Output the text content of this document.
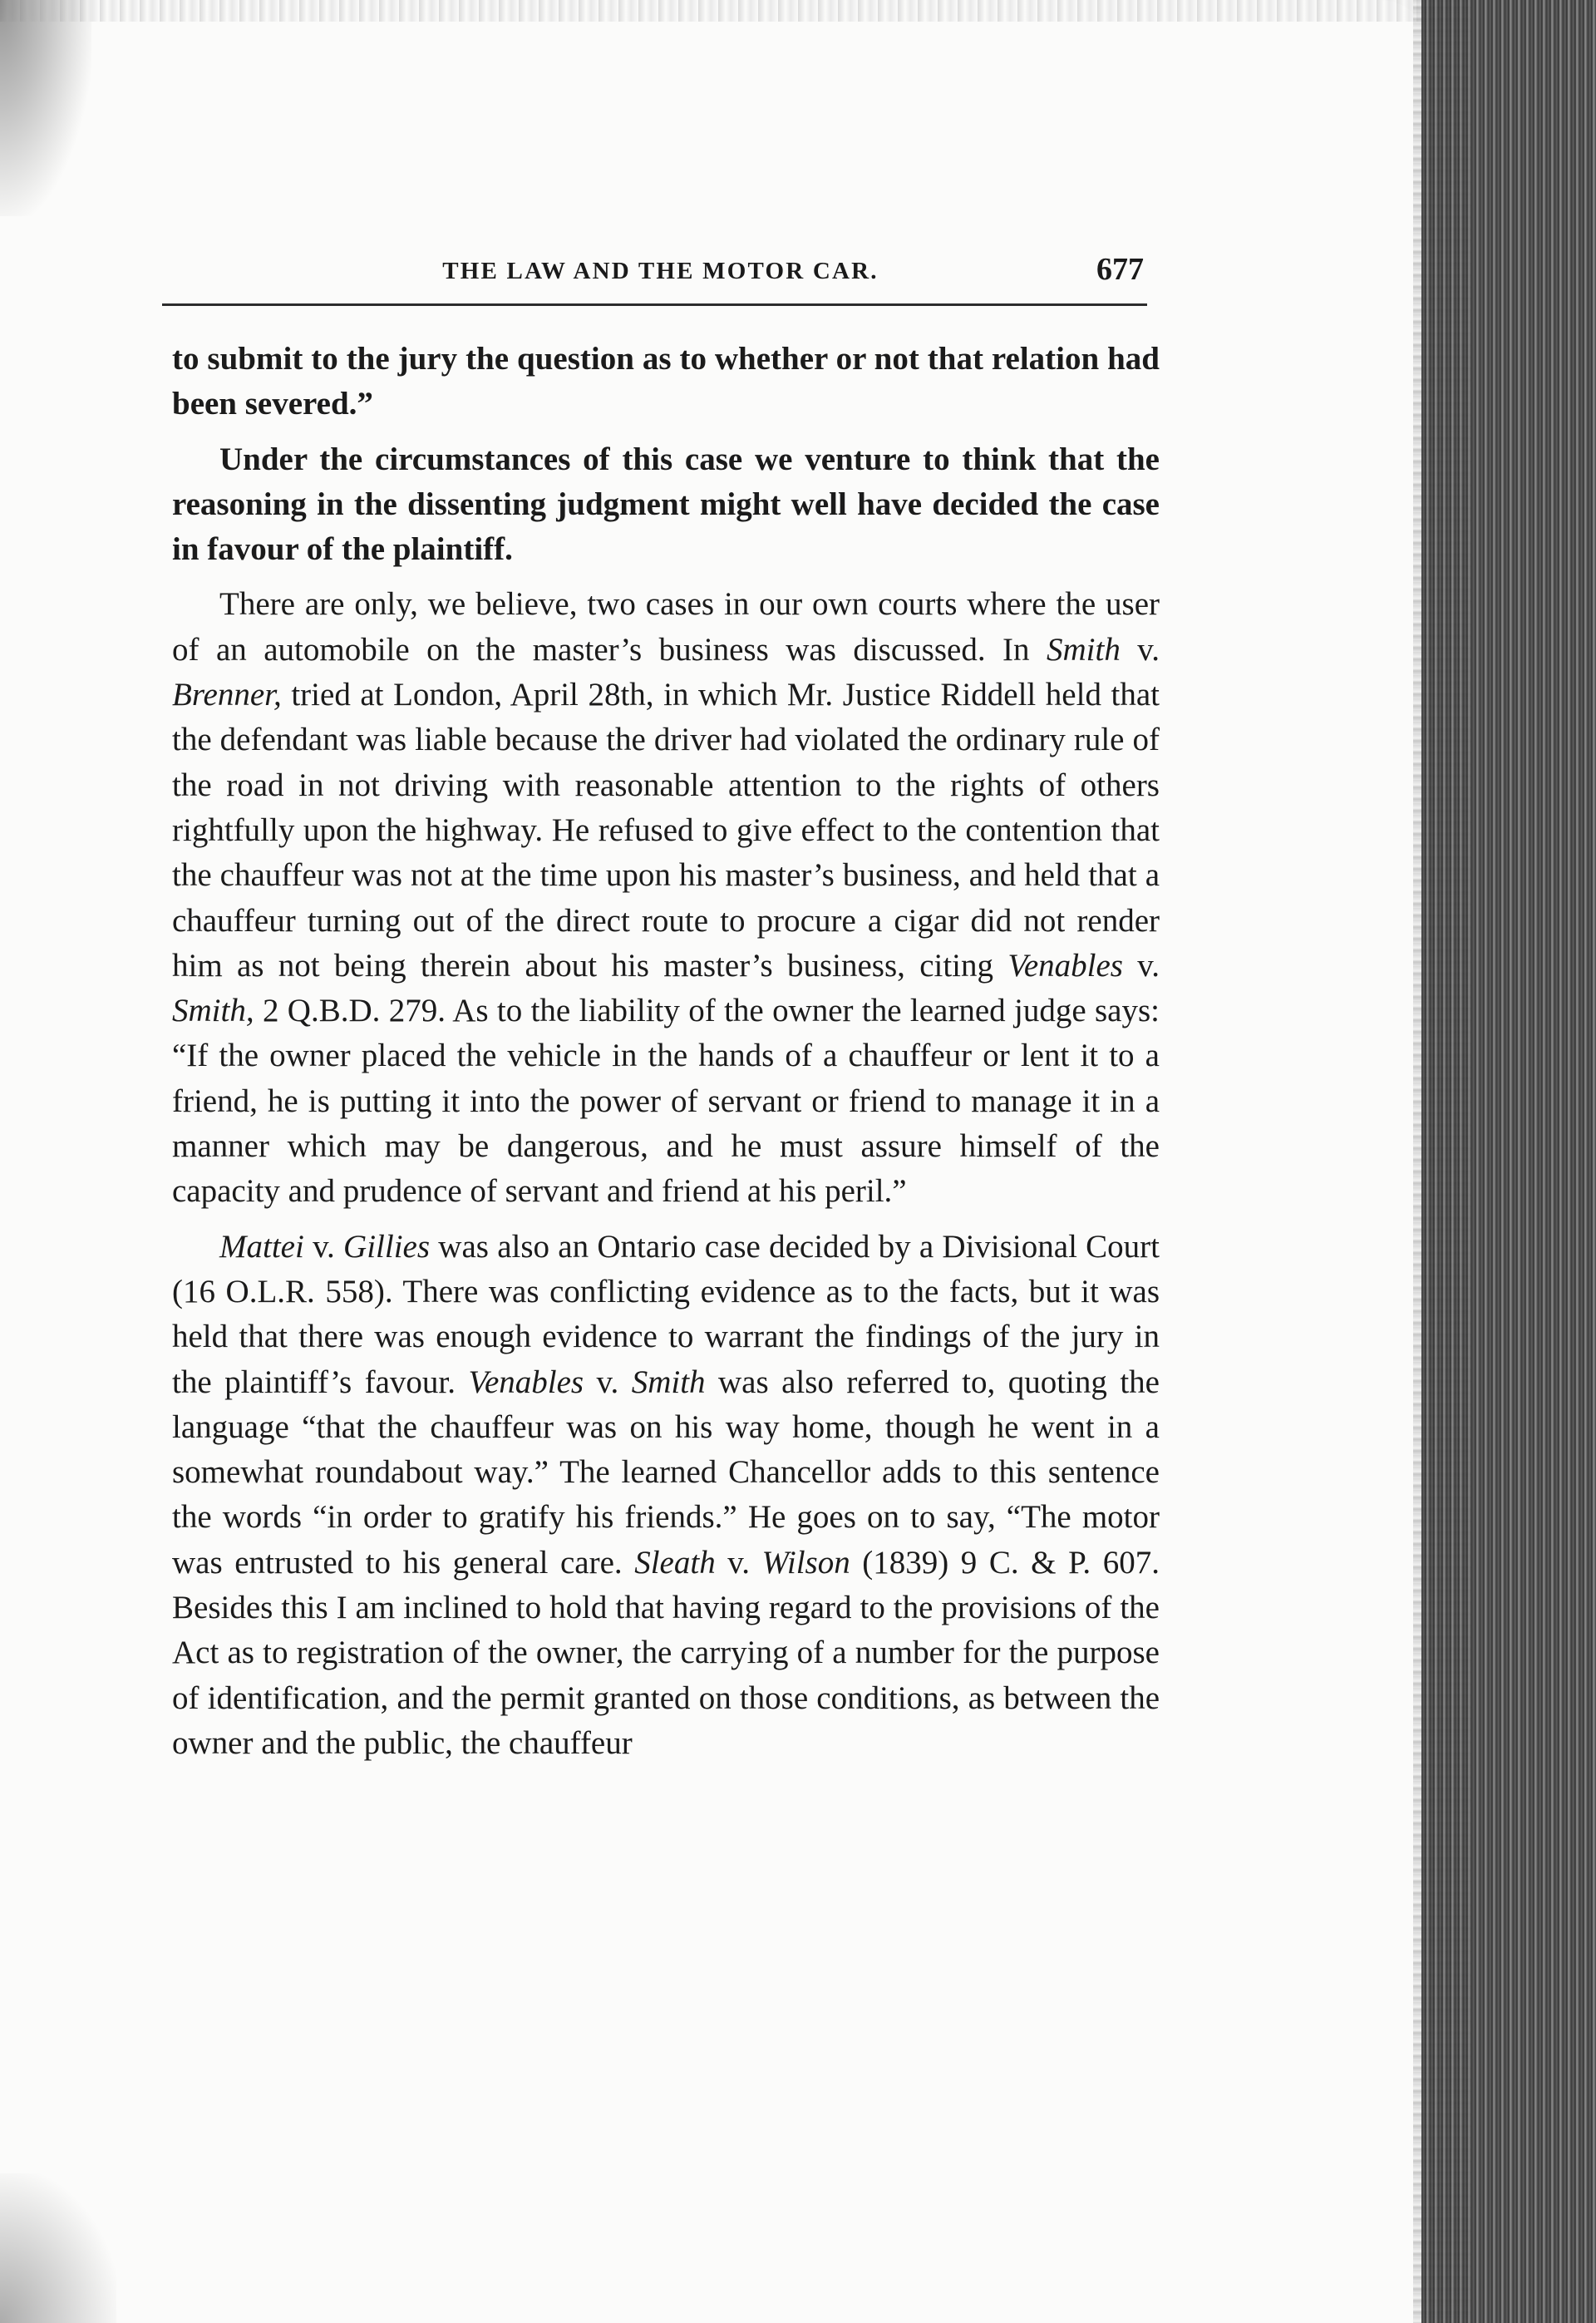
THE LAW AND THE MOTOR CAR.	677

to submit to the jury the question as to whether or not that relation had been severed.”

Under the circumstances of this case we venture to think that the reasoning in the dissenting judgment might well have decided the case in favour of the plaintiff.

There are only, we believe, two cases in our own courts where the user of an automobile on the master’s business was discussed. In Smith v. Brenner, tried at London, April 28th, in which Mr. Justice Riddell held that the defendant was liable because the driver had violated the ordinary rule of the road in not driving with reasonable attention to the rights of others rightfully upon the highway. He refused to give effect to the contention that the chauffeur was not at the time upon his master’s business, and held that a chauffeur turning out of the direct route to procure a cigar did not render him as not being therein about his master’s business, citing Venables v. Smith, 2 Q.B.D. 279. As to the liability of the owner the learned judge says: “If the owner placed the vehicle in the hands of a chauffeur or lent it to a friend, he is putting it into the power of servant or friend to manage it in a manner which may be dangerous, and he must assure himself of the capacity and prudence of servant and friend at his peril.”

Mattei v. Gillies was also an Ontario case decided by a Divisional Court (16 O.L.R. 558). There was conflicting evidence as to the facts, but it was held that there was enough evidence to warrant the findings of the jury in the plaintiff’s favour. Venables v. Smith was also referred to, quoting the language “that the chauffeur was on his way home, though he went in a somewhat roundabout way.” The learned Chancellor adds to this sentence the words “in order to gratify his friends.” He goes on to say, “The motor was entrusted to his general care. Sleath v. Wilson (1839) 9 C. & P. 607. Besides this I am inclined to hold that having regard to the provisions of the Act as to registration of the owner, the carrying of a number for the purpose of identification, and the permit granted on those conditions, as between the owner and the public, the chauffeur
